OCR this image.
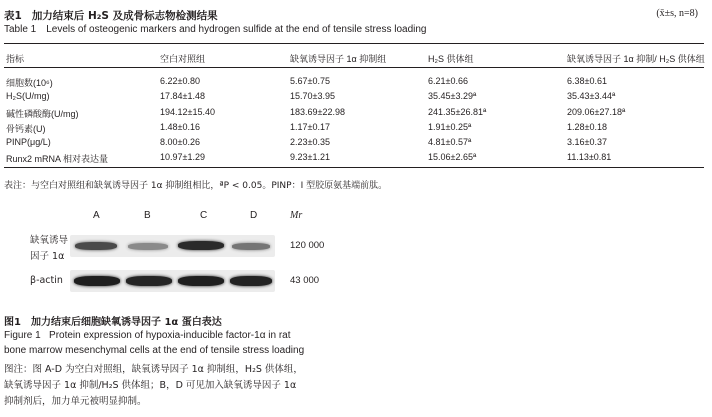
表1 加力结束后 H₂S 及成骨标志物检测结果	(x̄±s, n=8)
Table 1 Levels of osteogenic markers and hydrogen sulfide at the end of tensile stress loading
指标	空白对照组	缺氧诱导因子 1α 抑制组	H₂S 供体组	缺氧诱导因子 1α 抑制/ H₂S 供体组
细胞数(10⁶)	6.22±0.80	5.67±0.75	6.21±0.66	6.38±0.61
H₂S(U/mg)	17.84±1.48	15.70±3.95	35.45±3.29ª	35.43±3.44ª
碱性磷酸酶(U/mg)	194.12±15.40	183.69±22.98	241.35±26.81ª	209.06±27.18ª
骨钙素(U)	1.48±0.16	1.17±0.17	1.91±0.25ª	1.28±0.18
PINP(μg/L)	8.00±0.26	2.23±0.35	4.81±0.57ª	3.16±0.37
Runx2 mRNA 相对表达量	10.97±1.29	9.23±1.21	15.06±2.65ª	11.13±0.81
表注：与空白对照组和缺氧诱导因子 1α 抑制组相比，ªP < 0.05。PINP：I 型胶原氨基端前肽。
A	B	C	D	Mr
缺氧诱导
因子 1α
120 000
β-actin	43 000
图1 加力结束后细胞缺氧诱导因子 1α 蛋白表达
Figure 1 Protein expression of hypoxia-inducible factor-1α in rat
bone marrow mesenchymal cells at the end of tensile stress loading
图注：图 A-D 为空白对照组，缺氧诱导因子 1α 抑制组，H₂S 供体组，
缺氧诱导因子 1α 抑制/H₂S 供体组；B，D 可见加入缺氧诱导因子 1α
抑制剂后，加力单元被明显抑制。
